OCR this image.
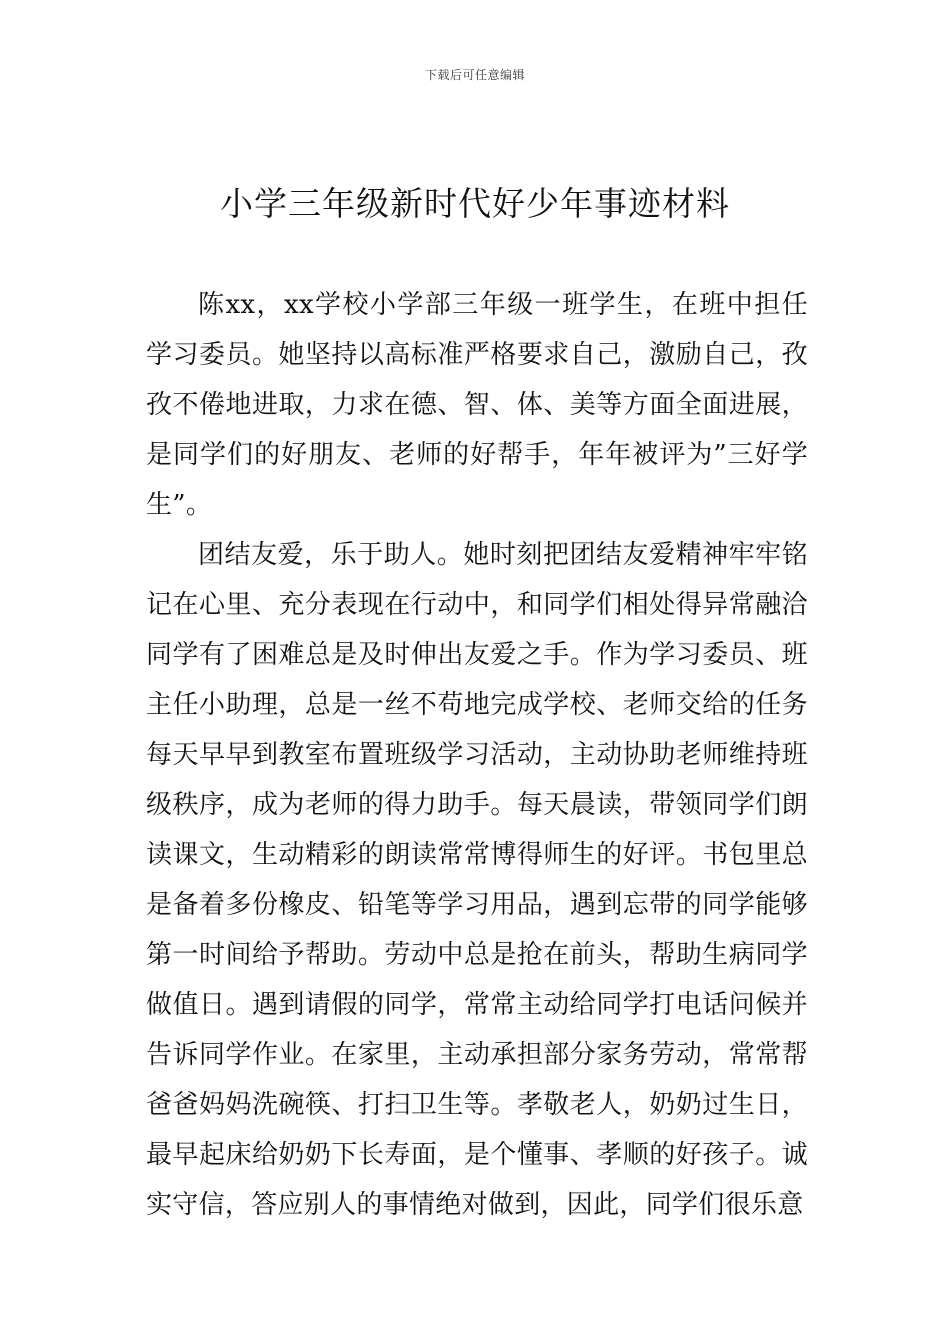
下载后可任意编辑
小学三年级新时代好少年事迹材料

陈xx，xx学校小学部三年级一班学生，在班中担任学习委员。她坚持以高标准严格要求自己，激励自己，孜孜不倦地进取，力求在德、智、体、美等方面全面进展，是同学们的好朋友、老师的好帮手，年年被评为”三好学生”。

团结友爱，乐于助人。她时刻把团结友爱精神牢牢铭记在心里、充分表现在行动中，和同学们相处得异常融洽同学有了困难总是及时伸出友爱之手。作为学习委员、班主任小助理，总是一丝不苟地完成学校、老师交给的任务每天早早到教室布置班级学习活动，主动协助老师维持班级秩序，成为老师的得力助手。每天晨读，带领同学们朗读课文，生动精彩的朗读常常博得师生的好评。书包里总是备着多份橡皮、铅笔等学习用品，遇到忘带的同学能够第一时间给予帮助。劳动中总是抢在前头，帮助生病同学做值日。遇到请假的同学，常常主动给同学打电话问候并告诉同学作业。在家里，主动承担部分家务劳动，常常帮爸爸妈妈洗碗筷、打扫卫生等。孝敬老人，奶奶过生日，最早起床给奶奶下长寿面，是个懂事、孝顺的好孩子。诚实守信，答应别人的事情绝对做到，因此，同学们很乐意
